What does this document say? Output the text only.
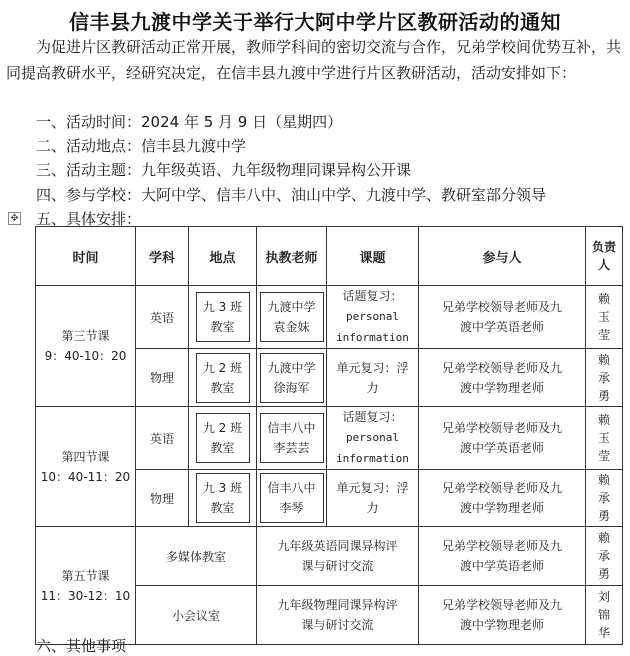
信丰县九渡中学关于举行大阿中学片区教研活动的通知
为促进片区教研活动正常开展，教师学科间的密切交流与合作，兄弟学校间优势互补，共同提高教研水平，经研究决定，在信丰县九渡中学进行片区教研活动，活动安排如下：
一、活动时间：2024 年 5 月 9 日（星期四）
二、活动地点：信丰县九渡中学
三、活动主题：九年级英语、九年级物理同课异构公开课
四、参与学校：大阿中学、信丰八中、油山中学、九渡中学、教研室部分领导
五、具体安排：
✥
时间	学科	地点	执教老师	课题	参与人	负责人

第三节课
9：40-10：20	英语	九 3 班教室	九渡中学袁金妹	话题复习：
personal
information	兄弟学校领导老师及九渡中学英语老师	赖玉莹

	物理	九 2 班教室	九渡中学徐海军	单元复习：浮
力	兄弟学校领导老师及九渡中学物理老师	赖承勇

第四节课
10：40-11：20	英语	九 2 班教室	信丰八中李芸芸	话题复习：
personal
information	兄弟学校领导老师及九渡中学英语老师	赖玉莹

	物理	九 3 班教室	信丰八中李琴	单元复习：浮
力	兄弟学校领导老师及九渡中学物理老师	赖承勇

第五节课
11：30-12：10	多媒体教室		九年级英语同课异构评
课与研讨交流		兄弟学校领导老师及九渡中学英语老师	赖承勇

	小会议室		九年级物理同课异构评
课与研讨交流		兄弟学校领导老师及九渡中学物理老师	刘锦华
六、其他事项
